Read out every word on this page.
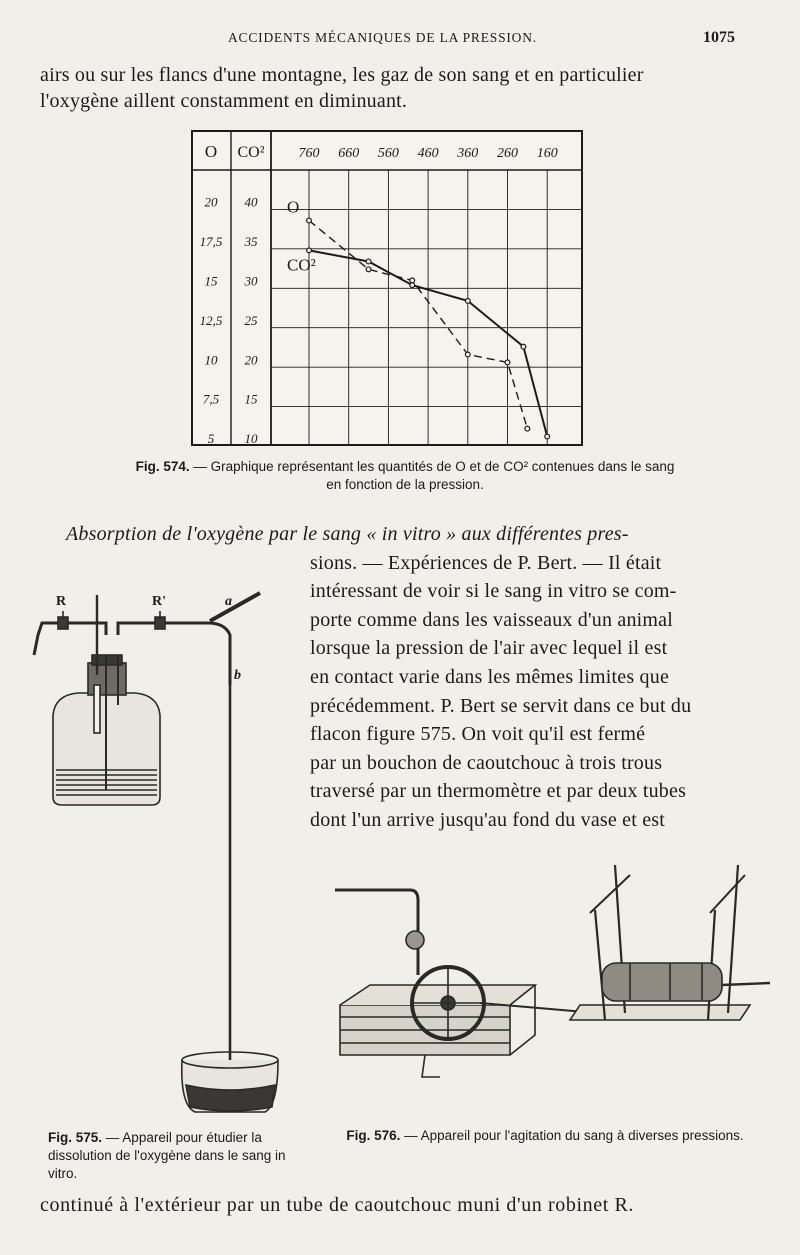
ACCIDENTS MÉCANIQUES DE LA PRESSION.	1075
airs ou sur les flancs d'une montagne, les gaz de son sang et en particulier
l'oxygène aillent constamment en diminuant.
O CO² 760 660 560 460 360 260 160
20
17,5
15
12,5
10
7,5
5
40
35
30
25
20
15
10
O
CO²
Fig. 574. — Graphique représentant les quantités de O et de CO² contenues dans le sang
en fonction de la pression.
Absorption de l'oxygène par le sang « in vitro » aux différentes pres-
sions. — Expériences de P. Bert. — Il était
intéressant de voir si le sang in vitro se com-
porte comme dans les vaisseaux d'un animal
lorsque la pression de l'air avec lequel il est
en contact varie dans les mêmes limites que
précédemment. P. Bert se servit dans ce but du
flacon figure 575. On voit qu'il est fermé
par un bouchon de caoutchouc à trois trous
traversé par un thermomètre et par deux tubes
dont l'un arrive jusqu'au fond du vase et est
R	R'	a
b
Fig. 575. — Appareil pour étudier la dissolution de l'oxygène dans le sang in vitro.
Fig. 576. — Appareil pour l'agitation du sang à diverses pressions.
continué à l'extérieur par un tube de caoutchouc muni d'un robinet R.
